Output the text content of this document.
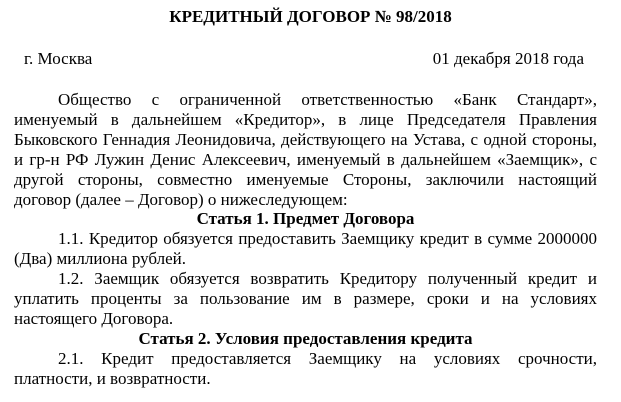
КРЕДИТНЫЙ ДОГОВОР № 98/2018
г. Москва	01 декабря 2018 года

Общество с ограниченной ответственностью «Банк Стандарт», именуемый в дальнейшем «Кредитор», в лице Председателя Правления Быковского Геннадия Леонидовича, действующего на Устава, с одной стороны, и гр-н РФ Лужин Денис Алексеевич, именуемый в дальнейшем «Заемщик», с другой стороны, совместно именуемые Стороны, заключили настоящий договор (далее – Договор) о нижеследующем:

Статья 1. Предмет Договора

1.1. Кредитор обязуется предоставить Заемщику кредит в сумме 2000000 (Два) миллиона рублей.

1.2. Заемщик обязуется возвратить Кредитору полученный кредит и уплатить проценты за пользование им в размере, сроки и на условиях настоящего Договора.

Статья 2. Условия предоставления кредита

2.1. Кредит предоставляется Заемщику на условиях срочности, платности, и возвратности.
